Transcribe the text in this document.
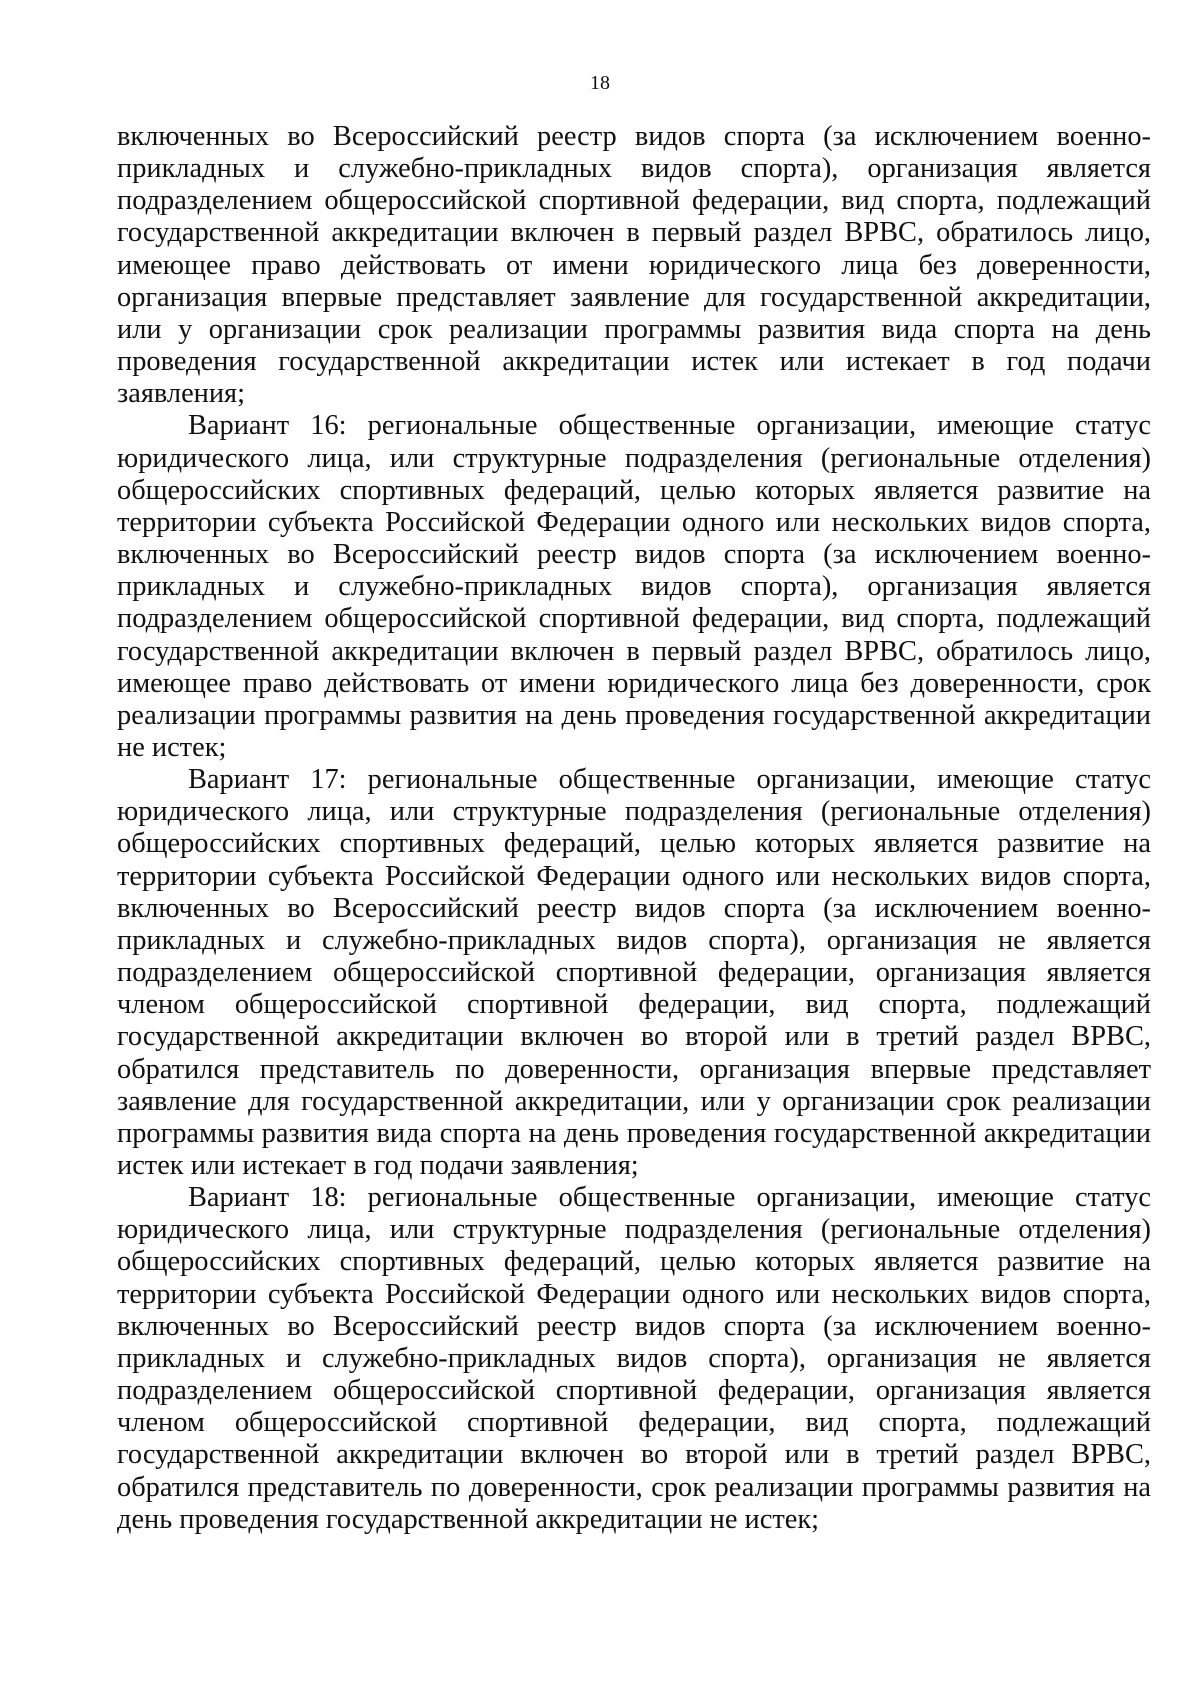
18

включенных во Всероссийский реестр видов спорта (за исключением военно-прикладных и служебно-прикладных видов спорта), организация является подразделением общероссийской спортивной федерации, вид спорта, подлежащий государственной аккредитации включен в первый раздел ВРВС, обратилось лицо, имеющее право действовать от имени юридического лица без доверенности, организация впервые представляет заявление для государственной аккредитации, или у организации срок реализации программы развития вида спорта на день проведения государственной аккредитации истек или истекает в год подачи заявления;

Вариант 16: региональные общественные организации, имеющие статус юридического лица, или структурные подразделения (региональные отделения) общероссийских спортивных федераций, целью которых является развитие на территории субъекта Российской Федерации одного или нескольких видов спорта, включенных во Всероссийский реестр видов спорта (за исключением военно-прикладных и служебно-прикладных видов спорта), организация является подразделением общероссийской спортивной федерации, вид спорта, подлежащий государственной аккредитации включен в первый раздел ВРВС, обратилось лицо, имеющее право действовать от имени юридического лица без доверенности, срок реализации программы развития на день проведения государственной аккредитации не истек;

Вариант 17: региональные общественные организации, имеющие статус юридического лица, или структурные подразделения (региональные отделения) общероссийских спортивных федераций, целью которых является развитие на территории субъекта Российской Федерации одного или нескольких видов спорта, включенных во Всероссийский реестр видов спорта (за исключением военно-прикладных и служебно-прикладных видов спорта), организация не является подразделением общероссийской спортивной федерации, организация является членом общероссийской спортивной федерации, вид спорта, подлежащий государственной аккредитации включен во второй или в третий раздел ВРВС, обратился представитель по доверенности, организация впервые представляет заявление для государственной аккредитации, или у организации срок реализации программы развития вида спорта на день проведения государственной аккредитации истек или истекает в год подачи заявления;

Вариант 18: региональные общественные организации, имеющие статус юридического лица, или структурные подразделения (региональные отделения) общероссийских спортивных федераций, целью которых является развитие на территории субъекта Российской Федерации одного или нескольких видов спорта, включенных во Всероссийский реестр видов спорта (за исключением военно-прикладных и служебно-прикладных видов спорта), организация не является подразделением общероссийской спортивной федерации, организация является членом общероссийской спортивной федерации, вид спорта, подлежащий государственной аккредитации включен во второй или в третий раздел ВРВС, обратился представитель по доверенности, срок реализации программы развития на день проведения государственной аккредитации не истек;
